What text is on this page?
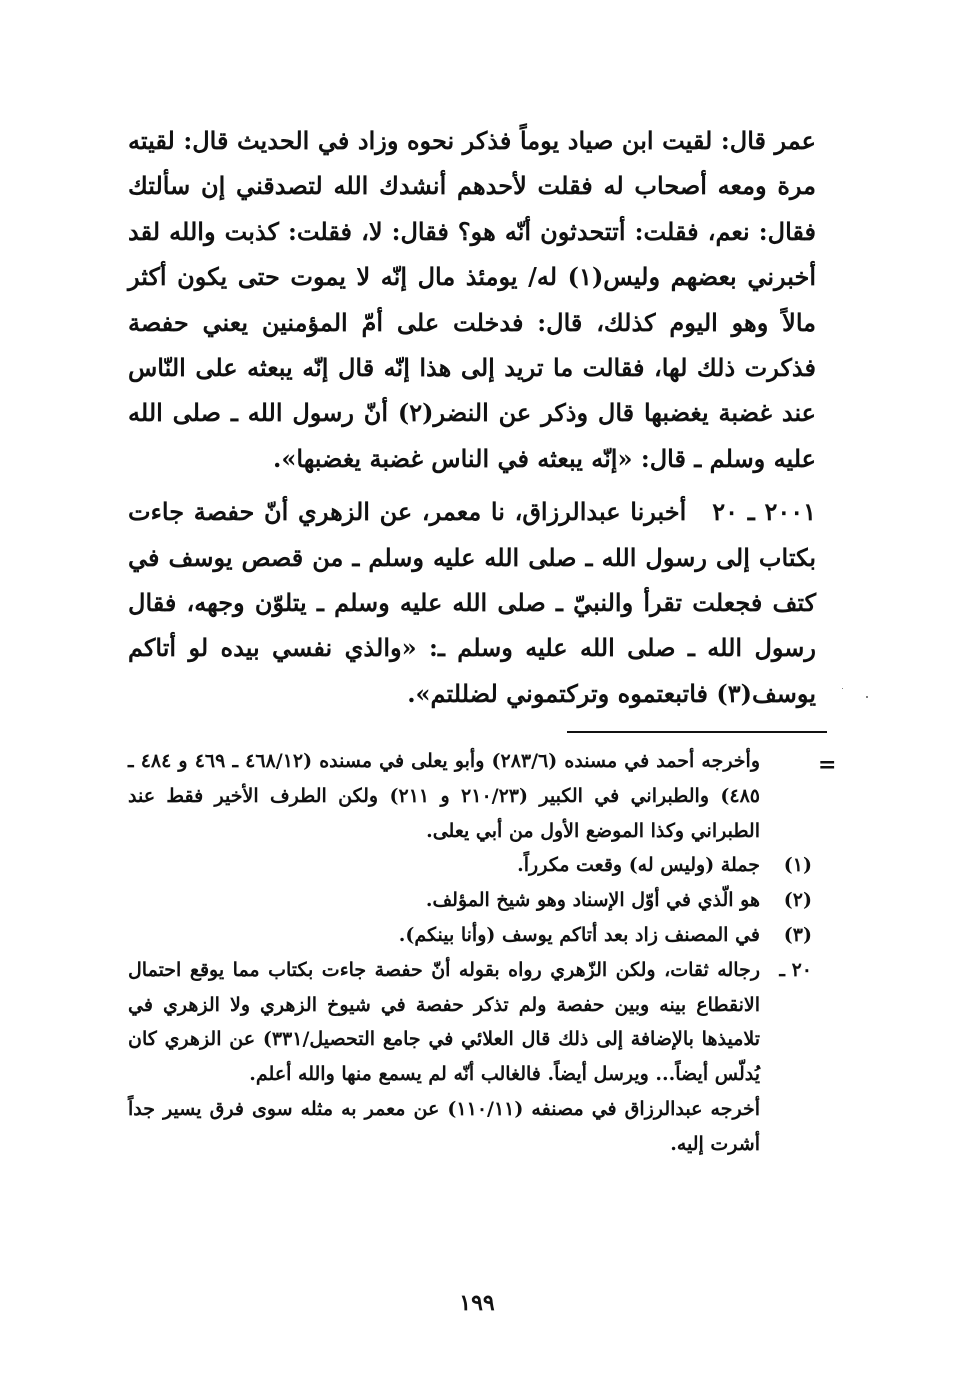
عمر قال: لقيت ابن صياد يوماً فذكر نحوه وزاد في الحديث قال: لقيته مرة ومعه أصحاب له فقلت لأحدهم أنشدك الله لتصدقني إن سألتك فقال: نعم، فقلت: أتتحدثون أنّه هو؟ فقال: لا، فقلت: كذبت والله لقد أخبرني بعضهم وليس(١) له/ يومئذ مال إنّه لا يموت حتى يكون أكثر مالاً وهو اليوم كذلك، قال: فدخلت على أمّ المؤمنين يعني حفصة فذكرت ذلك لها، فقالت ما تريد إلى هذا إنّه قال إنّه يبعثه على النّاس عند غضبة يغضبها قال وذكر عن النضر(٢) أنّ رسول الله ـ صلى الله عليه وسلم ـ قال: «إنّه يبعثه في الناس غضبة يغضبها».

٢٠٠١ ـ ٢٠أخبرنا عبدالرزاق، نا معمر، عن الزهري أنّ حفصة جاءت بكتاب إلى رسول الله ـ صلى الله عليه وسلم ـ من قصص يوسف في كتف فجعلت تقرأ والنبيّ ـ صلى الله عليه وسلم ـ يتلوّن وجهه، فقال رسول الله ـ صلى الله عليه وسلم ـ: «والذي نفسي بيده لو أتاكم يوسف(٣) فاتبعتموه وتركتموني لضللتم».

=

وأخرجه أحمد في مسنده (٢٨٣/٦) وأبو يعلى في مسنده (٤٦٨/١٢ ـ ٤٦٩ و ٤٨٤ ـ ٤٨٥) والطبراني في الكبير (٢١٠/٢٣ و ٢١١) ولكن الطرف الأخير فقط عند الطبراني وكذا الموضع الأول من أبي يعلى.

(١)
جملة (وليس له) وقعت مكرراً.
(٢)
هو الّذي في أوّل الإسناد وهو شيخ المؤلف.
(٣)
في المصنف زاد بعد أتاكم يوسف (وأنا بينكم).
٢٠ ـ
رجاله ثقات، ولكن الزّهري رواه بقوله أنّ حفصة جاءت بكتاب مما يوقع احتمال الانقطاع بينه وبين حفصة ولم تذكر حفصة في شيوخ الزهري ولا الزهري في تلاميذها بالإضافة إلى ذلك قال العلائي في جامع التحصيل/٣٣١) عن الزهري كان يُدلّس أيضاً... ويرسل أيضاً. فالغالب أنّه لم يسمع منها والله أعلم.
أخرجه عبدالرزاق في مصنفه (١١٠/١١) عن معمر به مثله سوى فرق يسير جداً أشرت إليه.
١٩٩
